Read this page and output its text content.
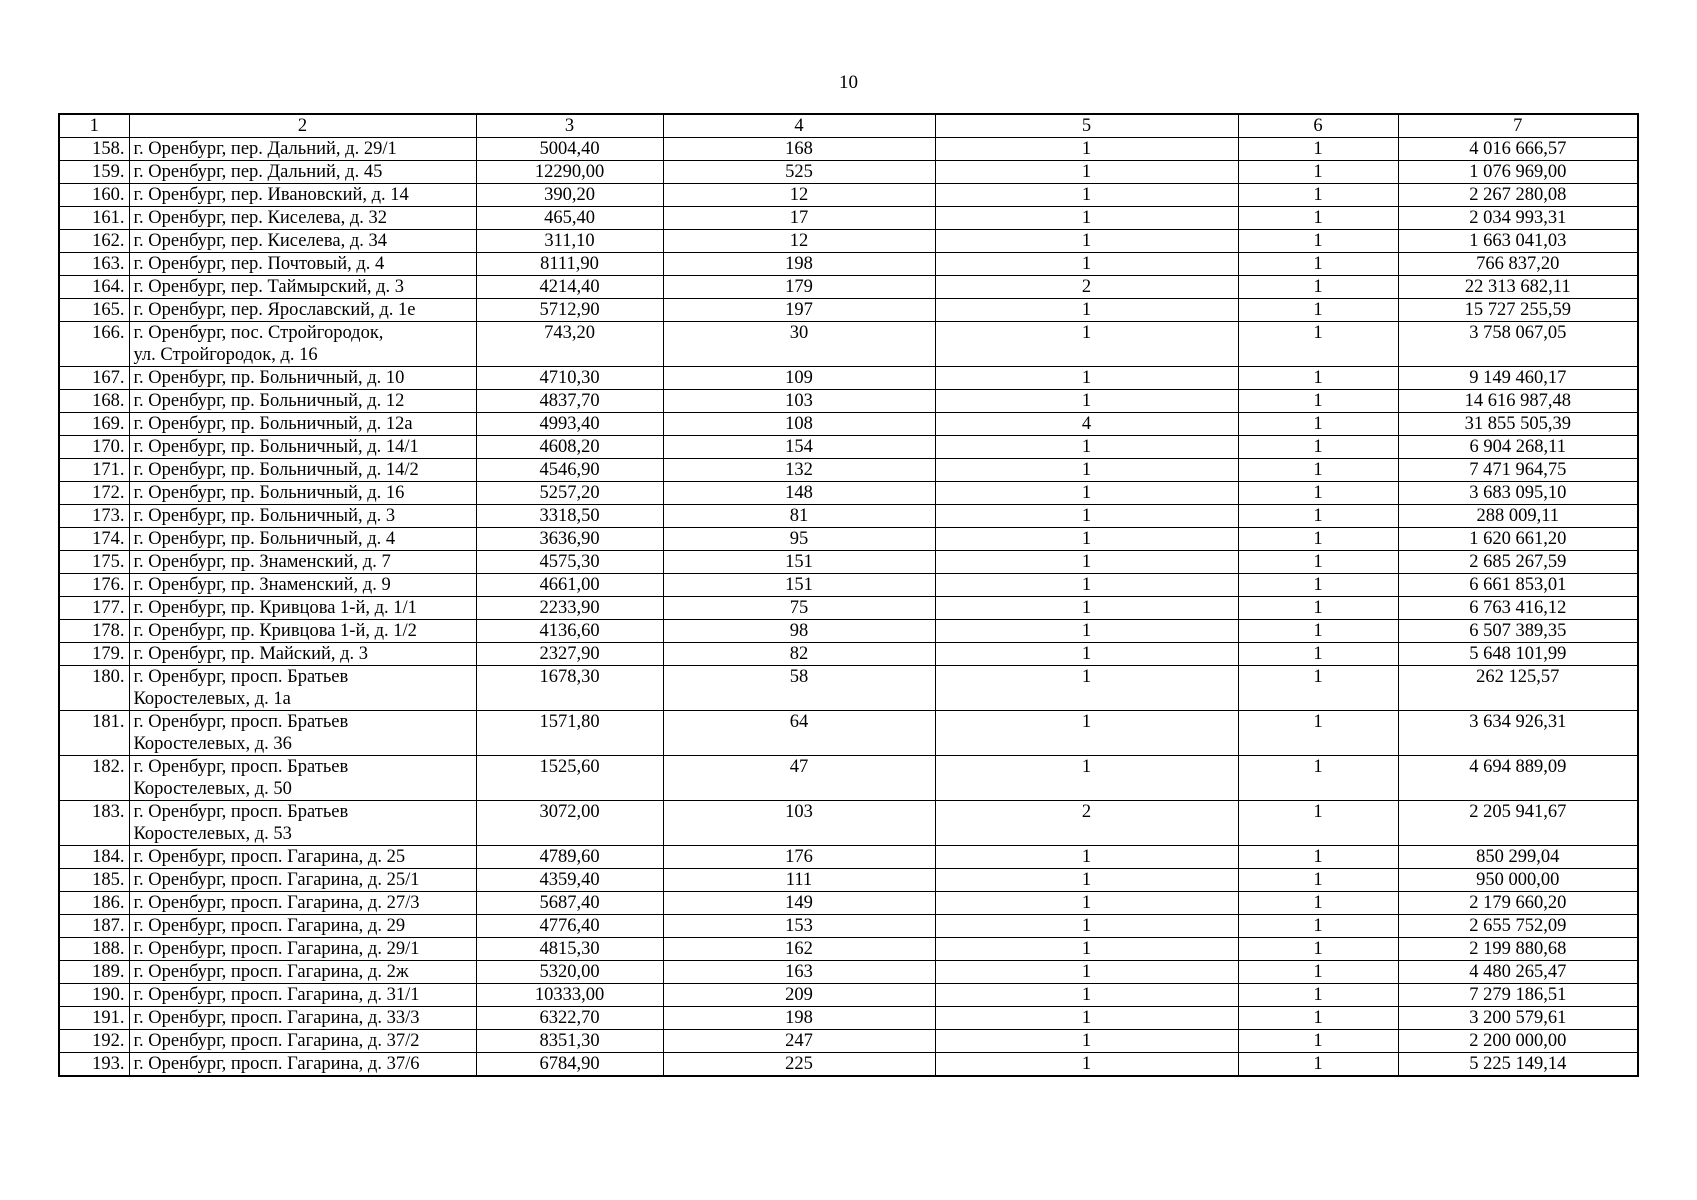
10
1	2	3	4	5	6	7
158.	г. Оренбург, пер. Дальний, д. 29/1	5004,40	168	1	1	4 016 666,57
159.	г. Оренбург, пер. Дальний, д. 45	12290,00	525	1	1	1 076 969,00
160.	г. Оренбург, пер. Ивановский, д. 14	390,20	12	1	1	2 267 280,08
161.	г. Оренбург, пер. Киселева, д. 32	465,40	17	1	1	2 034 993,31
162.	г. Оренбург, пер. Киселева, д. 34	311,10	12	1	1	1 663 041,03
163.	г. Оренбург, пер. Почтовый, д. 4	8111,90	198	1	1	766 837,20
164.	г. Оренбург, пер. Таймырский, д. 3	4214,40	179	2	1	22 313 682,11
165.	г. Оренбург, пер. Ярославский, д. 1е	5712,90	197	1	1	15 727 255,59
166.	г. Оренбург, пос. Стройгородок,
ул. Стройгородок, д. 16	743,20	30	1	1	3 758 067,05
167.	г. Оренбург, пр. Больничный, д. 10	4710,30	109	1	1	9 149 460,17
168.	г. Оренбург, пр. Больничный, д. 12	4837,70	103	1	1	14 616 987,48
169.	г. Оренбург, пр. Больничный, д. 12а	4993,40	108	4	1	31 855 505,39
170.	г. Оренбург, пр. Больничный, д. 14/1	4608,20	154	1	1	6 904 268,11
171.	г. Оренбург, пр. Больничный, д. 14/2	4546,90	132	1	1	7 471 964,75
172.	г. Оренбург, пр. Больничный, д. 16	5257,20	148	1	1	3 683 095,10
173.	г. Оренбург, пр. Больничный, д. 3	3318,50	81	1	1	288 009,11
174.	г. Оренбург, пр. Больничный, д. 4	3636,90	95	1	1	1 620 661,20
175.	г. Оренбург, пр. Знаменский, д. 7	4575,30	151	1	1	2 685 267,59
176.	г. Оренбург, пр. Знаменский, д. 9	4661,00	151	1	1	6 661 853,01
177.	г. Оренбург, пр. Кривцова 1-й, д. 1/1	2233,90	75	1	1	6 763 416,12
178.	г. Оренбург, пр. Кривцова 1-й, д. 1/2	4136,60	98	1	1	6 507 389,35
179.	г. Оренбург, пр. Майский, д. 3	2327,90	82	1	1	5 648 101,99
180.	г. Оренбург, просп. Братьев
Коростелевых, д. 1а	1678,30	58	1	1	262 125,57
181.	г. Оренбург, просп. Братьев
Коростелевых, д. 36	1571,80	64	1	1	3 634 926,31
182.	г. Оренбург, просп. Братьев
Коростелевых, д. 50	1525,60	47	1	1	4 694 889,09
183.	г. Оренбург, просп. Братьев
Коростелевых, д. 53	3072,00	103	2	1	2 205 941,67
184.	г. Оренбург, просп. Гагарина, д. 25	4789,60	176	1	1	850 299,04
185.	г. Оренбург, просп. Гагарина, д. 25/1	4359,40	111	1	1	950 000,00
186.	г. Оренбург, просп. Гагарина, д. 27/3	5687,40	149	1	1	2 179 660,20
187.	г. Оренбург, просп. Гагарина, д. 29	4776,40	153	1	1	2 655 752,09
188.	г. Оренбург, просп. Гагарина, д. 29/1	4815,30	162	1	1	2 199 880,68
189.	г. Оренбург, просп. Гагарина, д. 2ж	5320,00	163	1	1	4 480 265,47
190.	г. Оренбург, просп. Гагарина, д. 31/1	10333,00	209	1	1	7 279 186,51
191.	г. Оренбург, просп. Гагарина, д. 33/3	6322,70	198	1	1	3 200 579,61
192.	г. Оренбург, просп. Гагарина, д. 37/2	8351,30	247	1	1	2 200 000,00
193.	г. Оренбург, просп. Гагарина, д. 37/6	6784,90	225	1	1	5 225 149,14
